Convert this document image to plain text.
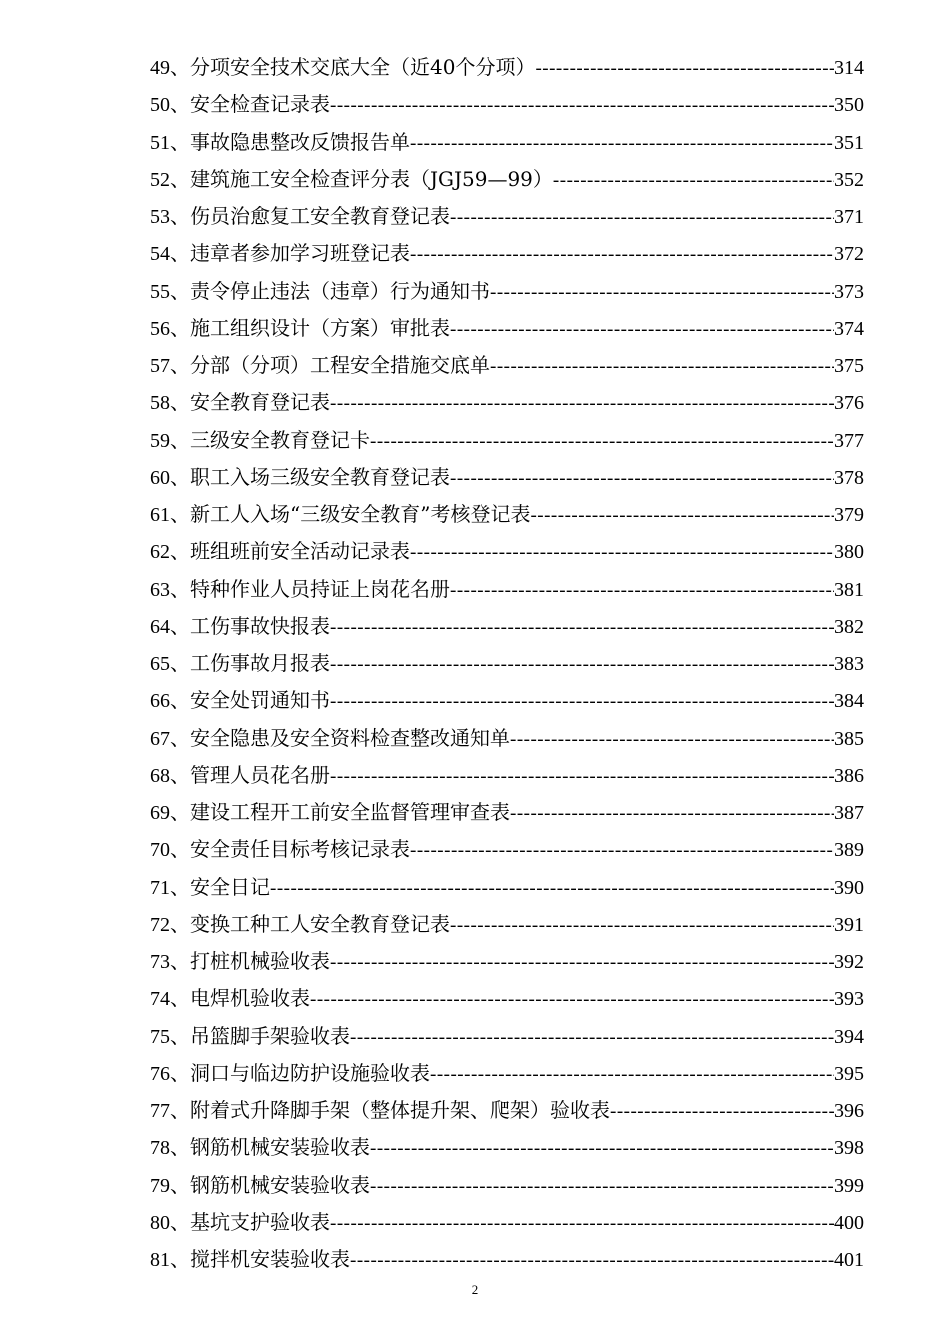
49 、 分项安全技术交底大全（近40个分项） -----	314
50 、 安全检查记录表 -----	350
51 、 事故隐患整改反馈报告单 -----	351
52 、 建筑施工安全检查评分表（JGJ59—99） -----	352
53 、 伤员治愈复工安全教育登记表 -----	371
54 、 违章者参加学习班登记表 -----	372
55 、 责令停止违法（违章）行为通知书 -----	373
56 、 施工组织设计（方案）审批表 -----	374
57 、 分部（分项）工程安全措施交底单 -----	375
58 、 安全教育登记表 -----	376
59 、 三级安全教育登记卡 -----	377
60 、 职工入场三级安全教育登记表 -----	378
61 、 新工人入场“三级安全教育”考核登记表 -----	379
62 、 班组班前安全活动记录表 -----	380
63 、 特种作业人员持证上岗花名册 -----	381
64 、 工伤事故快报表 -----	382
65 、 工伤事故月报表 -----	383
66 、 安全处罚通知书 -----	384
67 、 安全隐患及安全资料检查整改通知单 -----	385
68 、 管理人员花名册 -----	386
69 、 建设工程开工前安全监督管理审查表 -----	387
70 、 安全责任目标考核记录表 -----	389
71 、 安全日记 -----	390
72 、 变换工种工人安全教育登记表 -----	391
73 、 打桩机械验收表 -----	392
74 、 电焊机验收表 -----	393
75 、 吊篮脚手架验收表 -----	394
76 、 洞口与临边防护设施验收表 -----	395
77 、 附着式升降脚手架（整体提升架、爬架）验收表 -----	396
78 、 钢筋机械安装验收表 -----	398
79 、 钢筋机械安装验收表 -----	399
80 、 基坑支护验收表 -----	400
81 、 搅拌机安装验收表 -----	401
2
